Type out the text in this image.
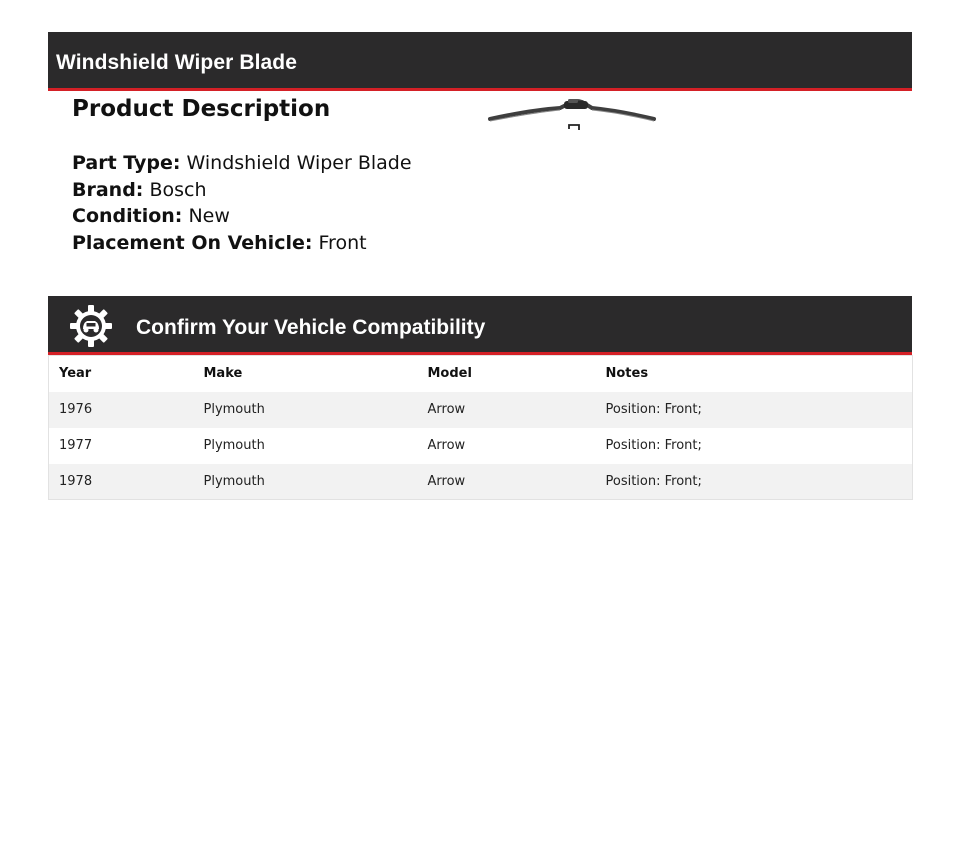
Windshield Wiper Blade
Product Description
Part Type: Windshield Wiper Blade
Brand: Bosch
Condition: New
Placement On Vehicle: Front
Confirm Your Vehicle Compatibility
Year	Make	Model	Notes
1976	Plymouth	Arrow	Position: Front;
1977	Plymouth	Arrow	Position: Front;
1978	Plymouth	Arrow	Position: Front;
